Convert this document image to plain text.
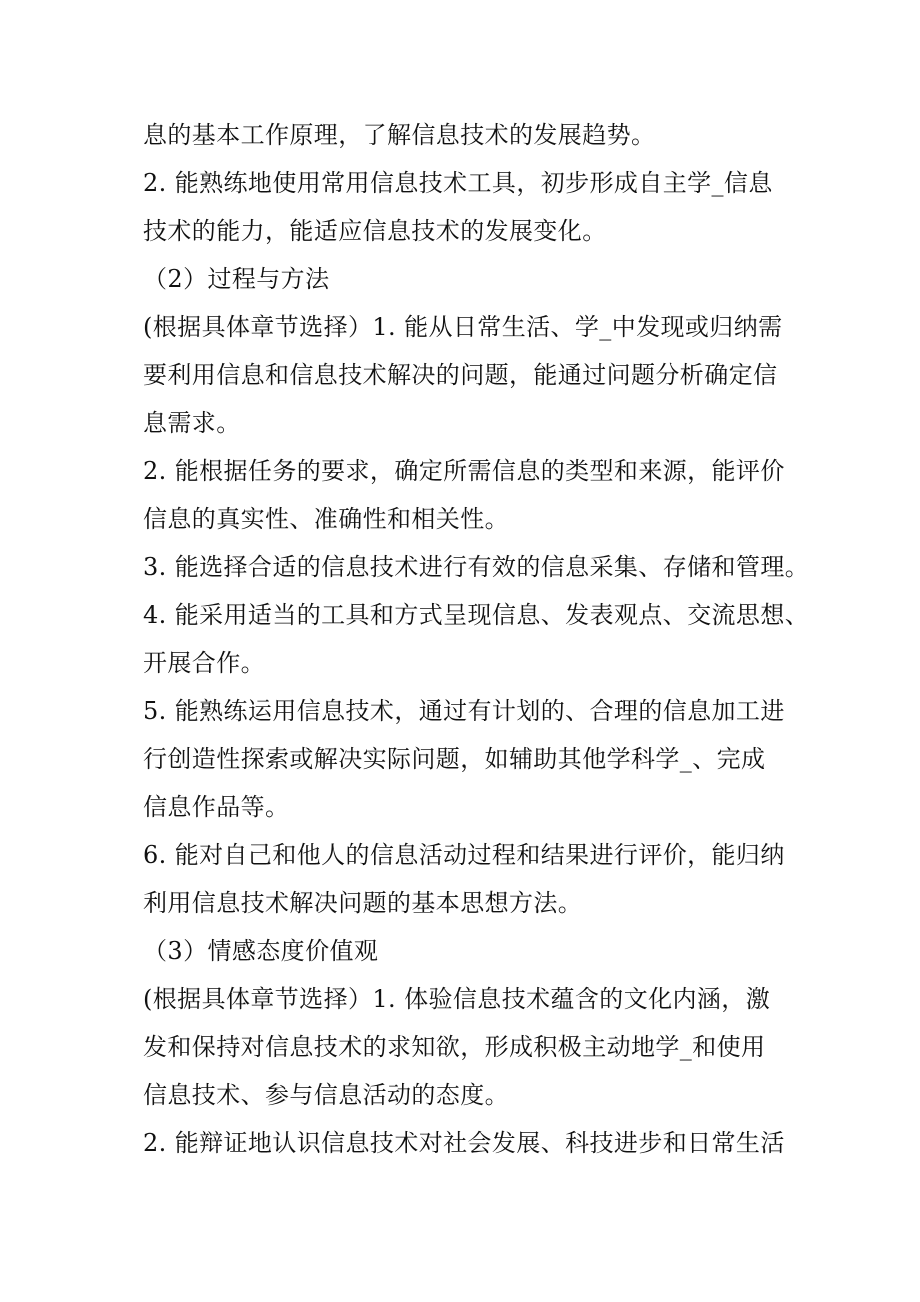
息的基本工作原理，了解信息技术的发展趋势。
2. 能熟练地使用常用信息技术工具，初步形成自主学_信息
技术的能力，能适应信息技术的发展变化。
（2）过程与方法
(根据具体章节选择）1. 能从日常生活、学_中发现或归纳需
要利用信息和信息技术解决的问题，能通过问题分析确定信
息需求。
2. 能根据任务的要求，确定所需信息的类型和来源，能评价
信息的真实性、准确性和相关性。
3. 能选择合适的信息技术进行有效的信息采集、存储和管理。
4. 能采用适当的工具和方式呈现信息、发表观点、交流思想、
开展合作。
5. 能熟练运用信息技术，通过有计划的、合理的信息加工进
行创造性探索或解决实际问题，如辅助其他学科学_、完成
信息作品等。
6. 能对自己和他人的信息活动过程和结果进行评价，能归纳
利用信息技术解决问题的基本思想方法。
（3）情感态度价值观
(根据具体章节选择）1. 体验信息技术蕴含的文化内涵，激
发和保持对信息技术的求知欲，形成积极主动地学_和使用
信息技术、参与信息活动的态度。
2. 能辩证地认识信息技术对社会发展、科技进步和日常生活
